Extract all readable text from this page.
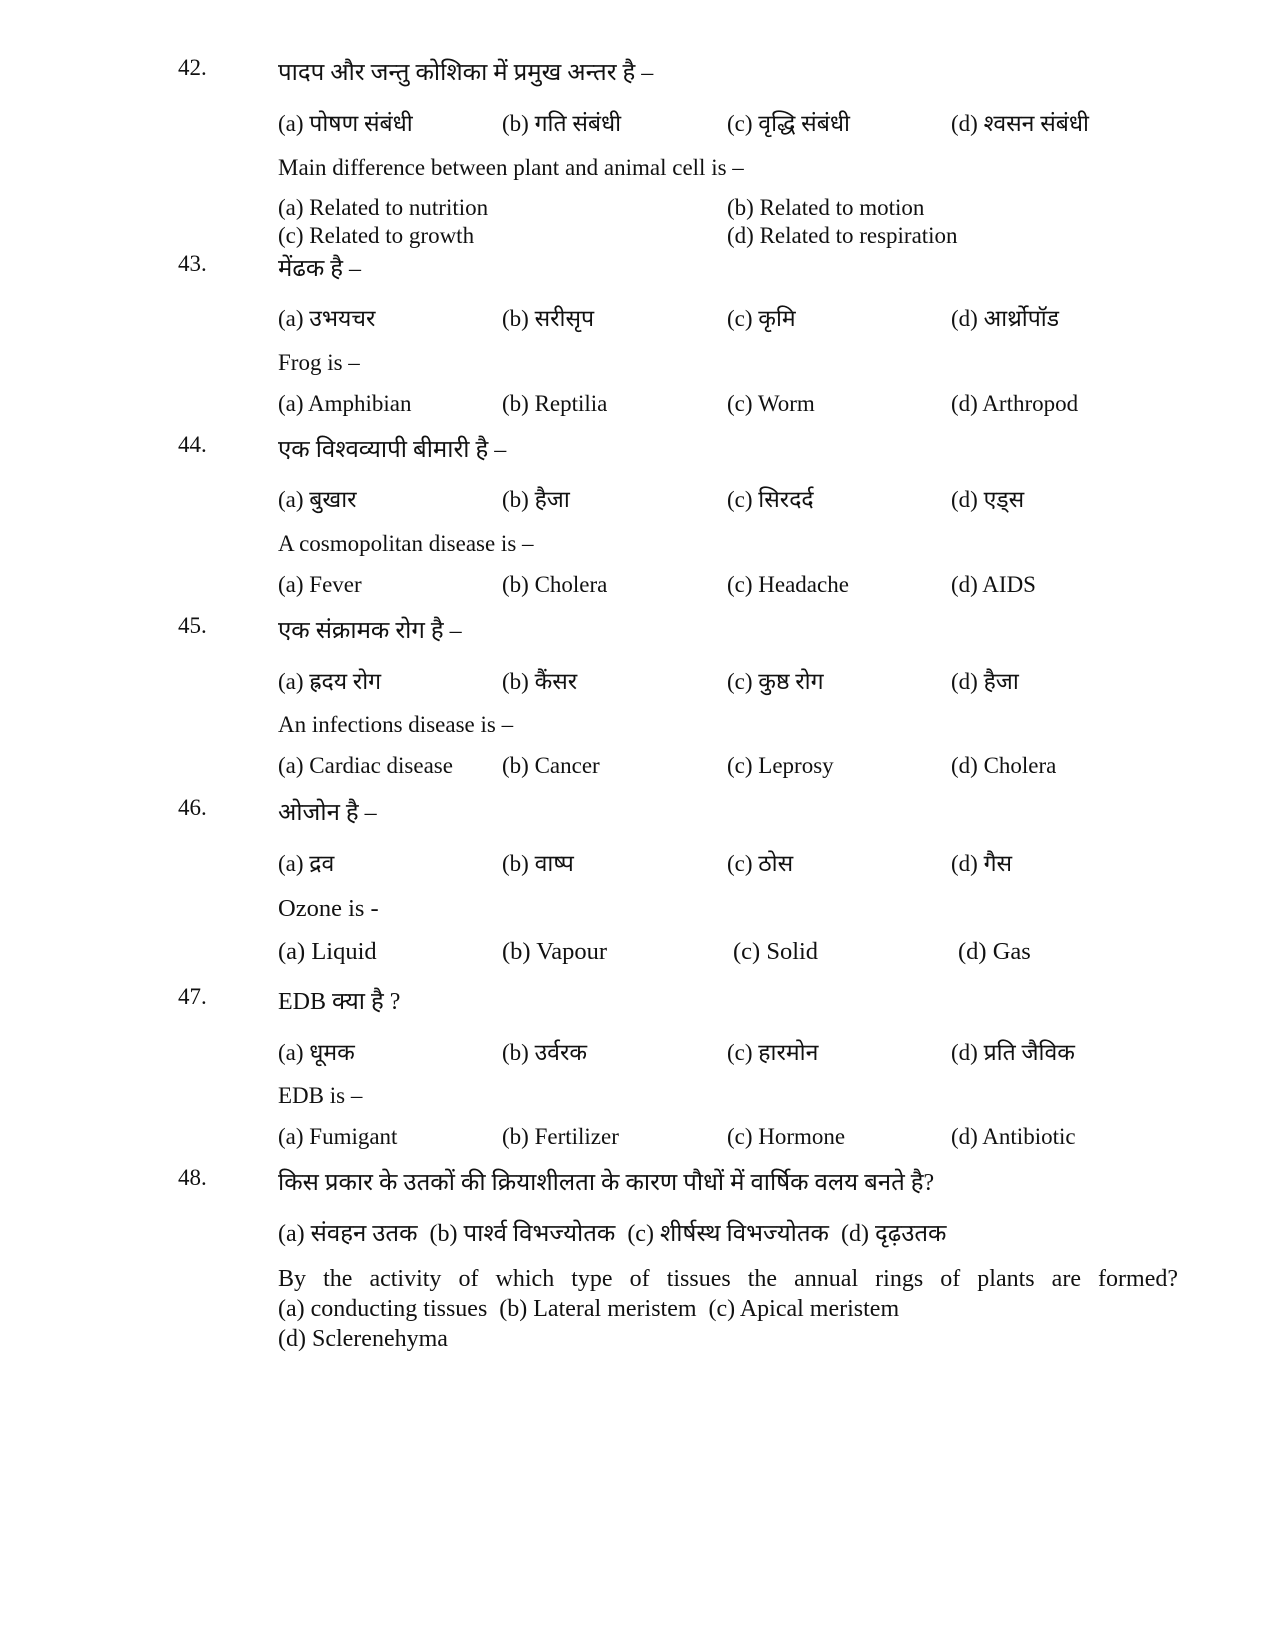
42.	पादप और जन्तु कोशिका में प्रमुख अन्तर है –
(a) पोषण संबंधी	(b) गति संबंधी	(c) वृद्धि संबंधी	(d) श्वसन संबंधी
Main difference between plant and animal cell is –
(a) Related to nutrition	(b) Related to motion
(c) Related to growth	(d) Related to respiration
43.	मेंढक है –
(a) उभयचर	(b) सरीसृप	(c) कृमि	(d) आर्थ्रोपॉड
Frog is –
(a) Amphibian	(b) Reptilia	(c) Worm	(d) Arthropod
44.	एक विश्वव्यापी बीमारी है –
(a) बुखार	(b) हैजा	(c) सिरदर्द	(d) एड्स
A cosmopolitan disease is –
(a) Fever	(b) Cholera	(c) Headache	(d) AIDS
45.	एक संक्रामक रोग है –
(a) ह्रदय रोग	(b) कैंसर	(c) कुष्ठ रोग	(d) हैजा
An infections disease is –
(a) Cardiac disease (b) Cancer	(c) Leprosy	(d) Cholera
46.	ओजोन है –
(a) द्रव	(b) वाष्प	(c) ठोस	(d) गैस
Ozone is -
(a) Liquid	(b) Vapour	(c) Solid	(d) Gas
47.	EDB क्या है ?
(a) धूमक	(b) उर्वरक	(c) हारमोन	(d) प्रति जैविक
EDB is –
(a) Fumigant	(b) Fertilizer	(c) Hormone	(d) Antibiotic
48.	किस प्रकार के उतकों की क्रियाशीलता के कारण पौधों में वार्षिक वलय बनते है?
(a) संवहन उतक  (b) पार्श्व विभज्योतक  (c) शीर्षस्थ विभज्योतक  (d) दृढ़उतक
By the activity of which type of tissues the annual rings of plants are formed?
(a) conducting tissues  (b) Lateral meristem  (c) Apical meristem
(d) Sclerenehyma
